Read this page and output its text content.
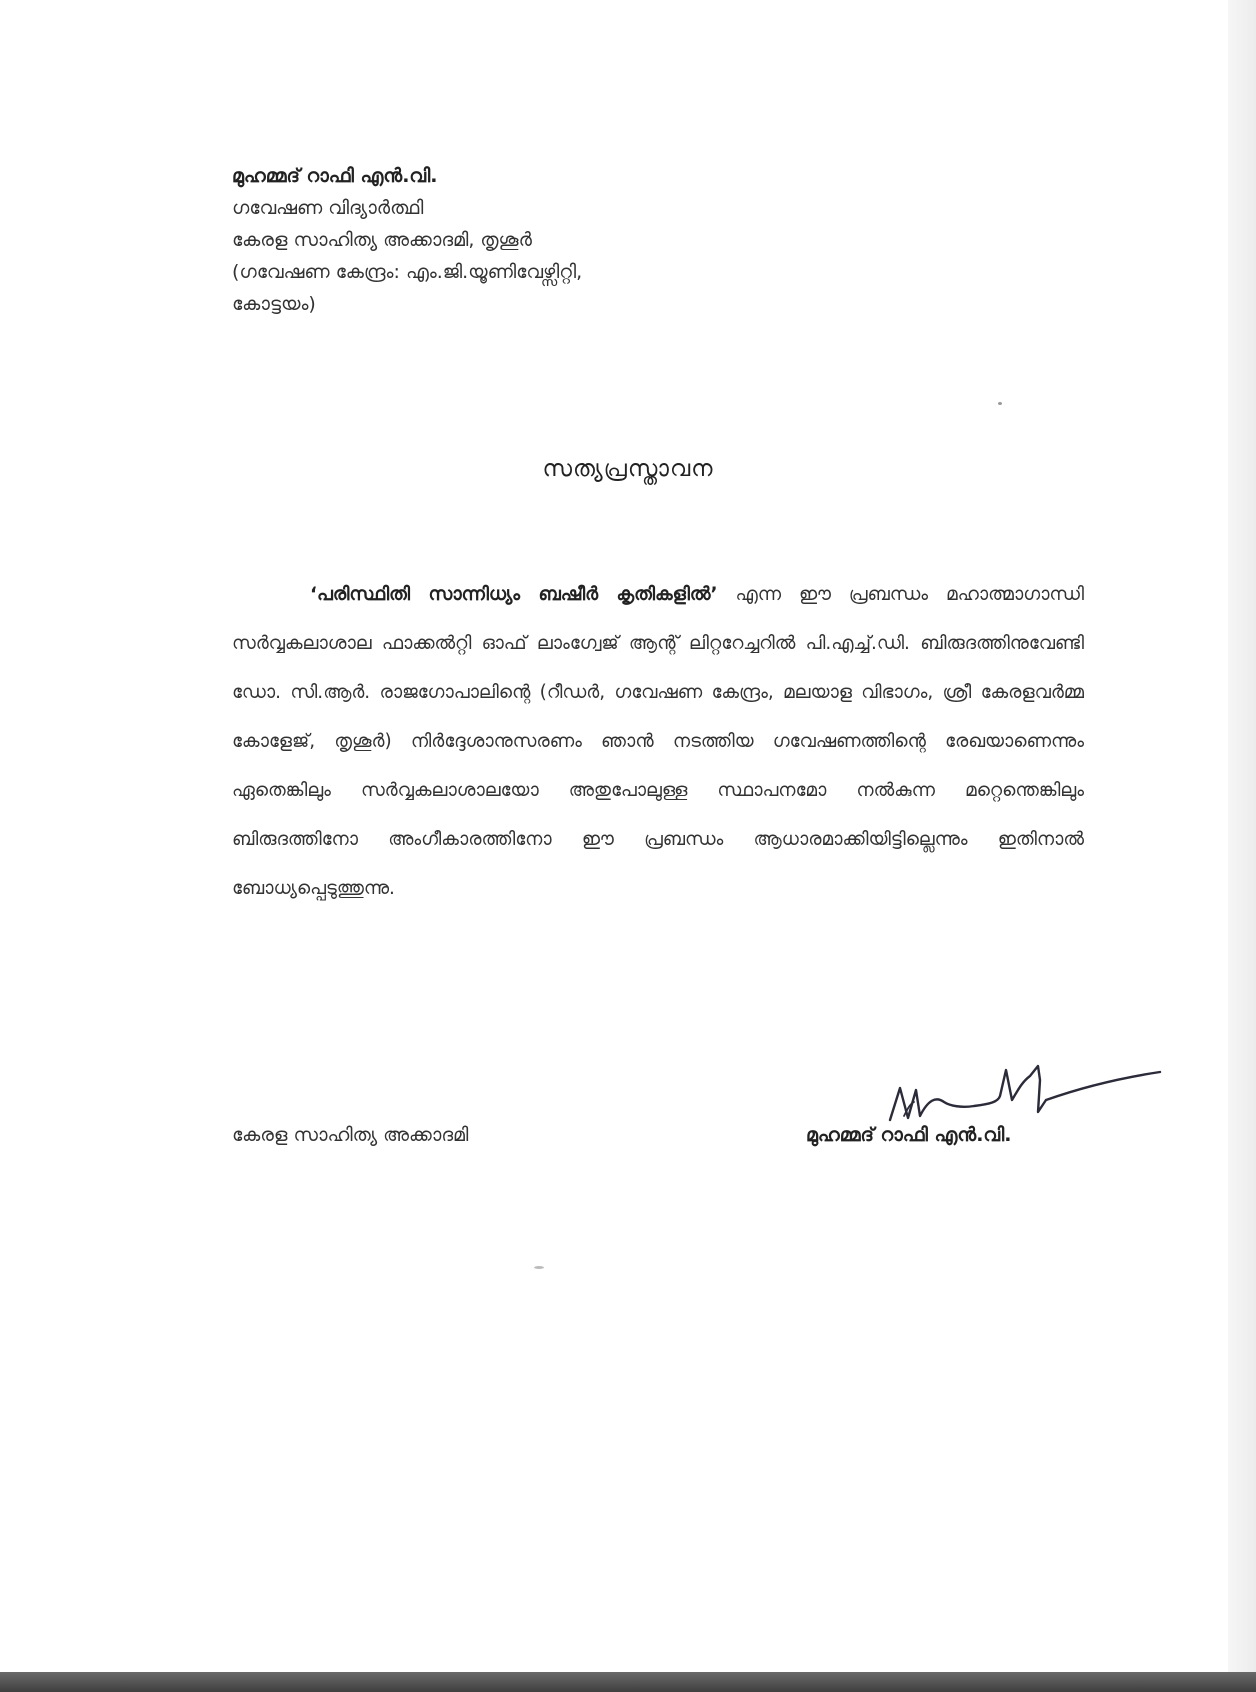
മുഹമ്മദ് റാഫി എൻ.വി.
ഗവേഷണ വിദ്യാർത്ഥി
കേരള സാഹിത്യ അക്കാദമി, തൃശൂർ
(ഗവേഷണ കേന്ദ്രം: എം.ജി.യൂണിവേഴ്സിറ്റി,
കോട്ടയം)
സത്യപ്രസ്താവന
‘പരിസ്ഥിതി സാന്നിധ്യം ബഷീർ കൃതികളിൽ’ എന്ന ഈ പ്രബന്ധം മഹാത്മാഗാന്ധി സർവ്വകലാശാല ഫാക്കൽറ്റി ഓഫ് ലാംഗ്വേജ് ആന്റ് ലിറ്ററേച്ചറിൽ പി.എച്ച്.ഡി. ബിരുദത്തിനുവേണ്ടി ഡോ. സി.ആർ. രാജഗോപാലിന്റെ (റീഡർ, ഗവേഷണ കേന്ദ്രം, മലയാള വിഭാഗം, ശ്രീ കേരളവർമ്മ കോളേജ്, തൃശൂർ) നിർദ്ദേശാനുസരണം ഞാൻ നടത്തിയ ഗവേഷണത്തിന്റെ രേഖയാണെന്നും ഏതെങ്കിലും സർവ്വകലാശാലയോ അതുപോലുള്ള സ്ഥാപനമോ നൽകുന്ന മറ്റെന്തെങ്കിലും ബിരുദത്തിനോ അംഗീകാരത്തിനോ ഈ പ്രബന്ധം ആധാരമാക്കിയിട്ടില്ലെന്നും ഇതിനാൽ ബോധ്യപ്പെടുത്തുന്നു.
കേരള സാഹിത്യ അക്കാദമി	മുഹമ്മദ് റാഫി എൻ.വി.
